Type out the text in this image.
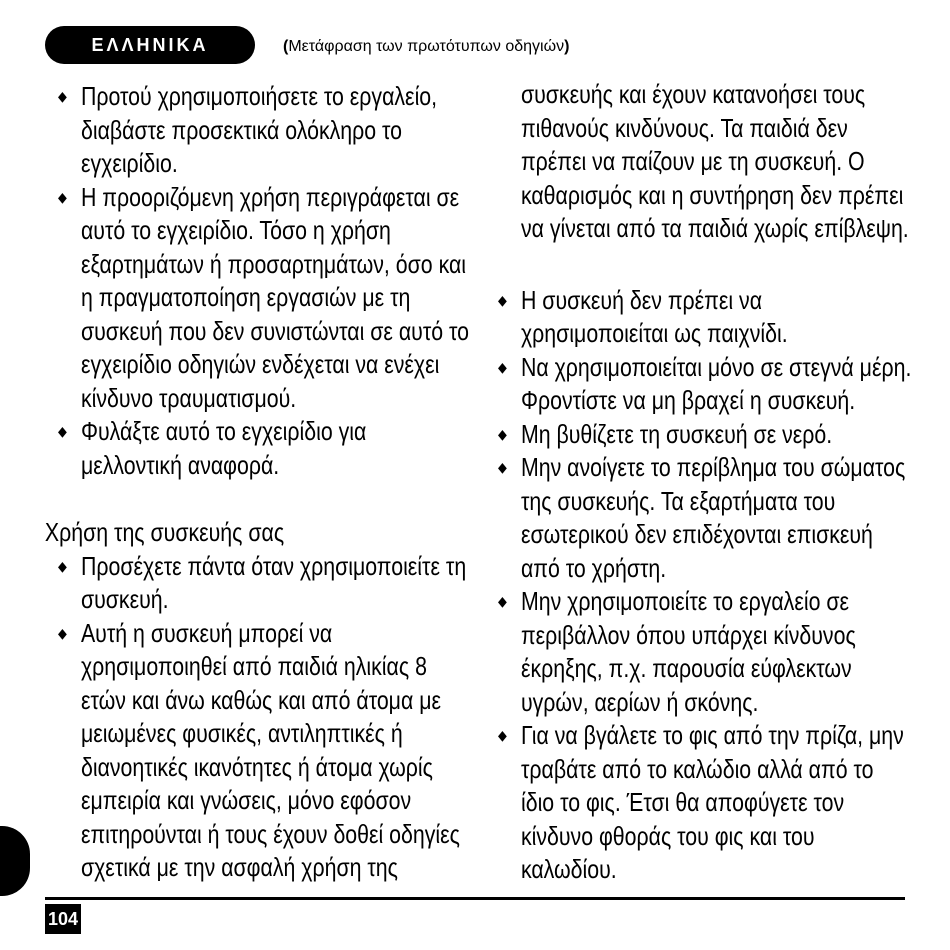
ΕΛΛΗΝΙΚΑ	(Μετάφραση των πρωτότυπων οδηγιών)
◆ Προτού χρησιμοποιήσετε το εργαλείο, διαβάστε προσεκτικά ολόκληρο το εγχειρίδιο.
◆ Η προοριζόμενη χρήση περιγράφεται σε αυτό το εγχειρίδιο. Τόσο η χρήση εξαρτημάτων ή προσαρτημάτων, όσο και η πραγματοποίηση εργασιών με τη συσκευή που δεν συνιστώνται σε αυτό το εγχειρίδιο οδηγιών ενδέχεται να ενέχει κίνδυνο τραυματισμού.
◆ Φυλάξτε αυτό το εγχειρίδιο για μελλοντική αναφορά.
Χρήση της συσκευής σας
◆ Προσέχετε πάντα όταν χρησιμοποιείτε τη συσκευή.
◆ Αυτή η συσκευή μπορεί να χρησιμοποιηθεί από παιδιά ηλικίας 8 ετών και άνω καθώς και από άτομα με μειωμένες φυσικές, αντιληπτικές ή διανοητικές ικανότητες ή άτομα χωρίς εμπειρία και γνώσεις, μόνο εφόσον επιτηρούνται ή τους έχουν δοθεί οδηγίες σχετικά με την ασφαλή χρήση της
συσκευής και έχουν κατανοήσει τους πιθανούς κινδύνους. Τα παιδιά δεν πρέπει να παίζουν με τη συσκευή. Ο καθαρισμός και η συντήρηση δεν πρέπει να γίνεται από τα παιδιά χωρίς επίβλεψη.
◆ Η συσκευή δεν πρέπει να χρησιμοποιείται ως παιχνίδι.
◆ Να χρησιμοποιείται μόνο σε στεγνά μέρη. Φροντίστε να μη βραχεί η συσκευή.
◆ Μη βυθίζετε τη συσκευή σε νερό.
◆ Μην ανοίγετε το περίβλημα του σώματος της συσκευής. Τα εξαρτήματα του εσωτερικού δεν επιδέχονται επισκευή από το χρήστη.
◆ Μην χρησιμοποιείτε το εργαλείο σε περιβάλλον όπου υπάρχει κίνδυνος έκρηξης, π.χ. παρουσία εύφλεκτων υγρών, αερίων ή σκόνης.
◆ Για να βγάλετε το φις από την πρίζα, μην τραβάτε από το καλώδιο αλλά από το ίδιο το φις. Έτσι θα αποφύγετε τον κίνδυνο φθοράς του φις και του καλωδίου.
104
